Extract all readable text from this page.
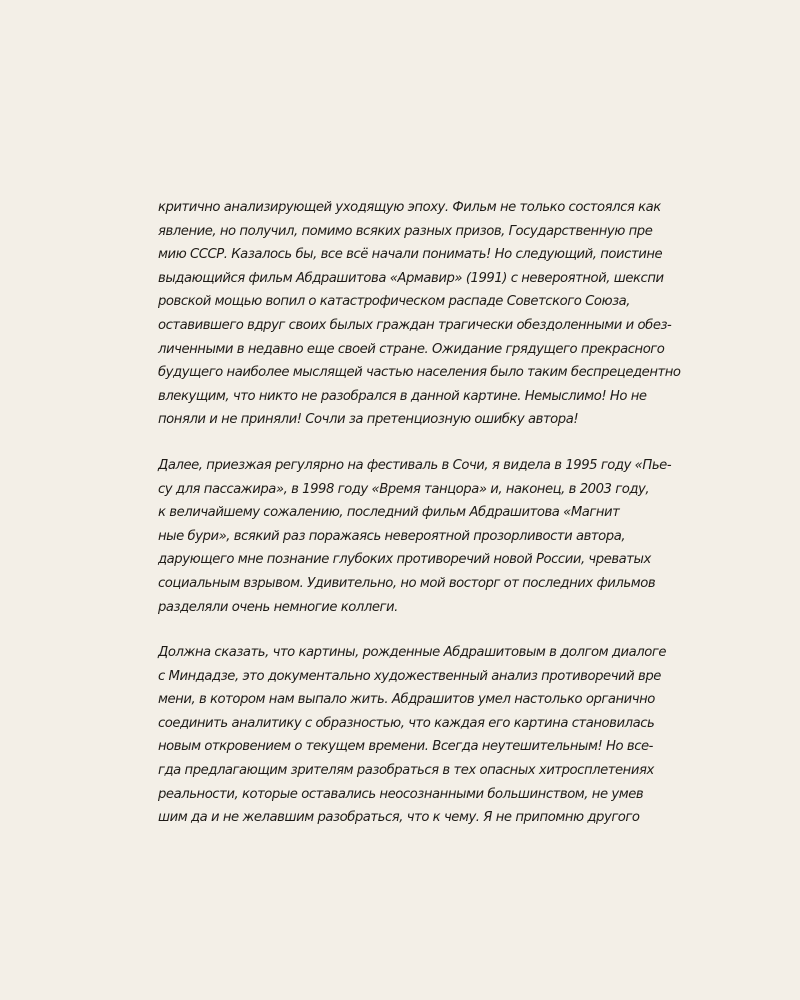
критично анализирующей уходящую эпоху. Фильм не только состоялся как
явление, но получил, помимо всяких разных призов, Государственную пре
мию СССР. Казалось бы, все всё начали понимать! Но следующий, поистине
выдающийся фильм Абдрашитова «Армавир» (1991) с невероятной, шекспи
ровской мощью вопил о катастрофическом распаде Советского Союза,
оставившего вдруг своих былых граждан трагически обездоленными и обез-
личенными в недавно еще своей стране. Ожидание грядущего прекрасного
будущего наиболее мыслящей частью населения было таким беспрецедентно
влекущим, что никто не разобрался в данной картине. Немыслимо! Но не
поняли и не приняли! Сочли за претенциозную ошибку автора!
Далее, приезжая регулярно на фестиваль в Сочи, я видела в 1995 году «Пье-
су для пассажира», в 1998 году «Время танцора» и, наконец, в 2003 году,
к величайшему сожалению, последний фильм Абдрашитова «Магнит
ные бури», всякий раз поражаясь невероятной прозорливости автора,
дарующего мне познание глубоких противоречий новой России, чреватых
социальным взрывом. Удивительно, но мой восторг от последних фильмов
разделяли очень немногие коллеги.
Должна сказать, что картины, рожденные Абдрашитовым в долгом диалоге
с Миндадзе, это документально художественный анализ противоречий вре
мени, в котором нам выпало жить. Абдрашитов умел настолько органично
соединить аналитику с образностью, что каждая его картина становилась
новым откровением о текущем времени. Всегда неутешительным! Но все-
гда предлагающим зрителям разобраться в тех опасных хитросплетениях
реальности, которые оставались неосознанными большинством, не умев
шим да и не желавшим разобраться, что к чему. Я не припомню другого
